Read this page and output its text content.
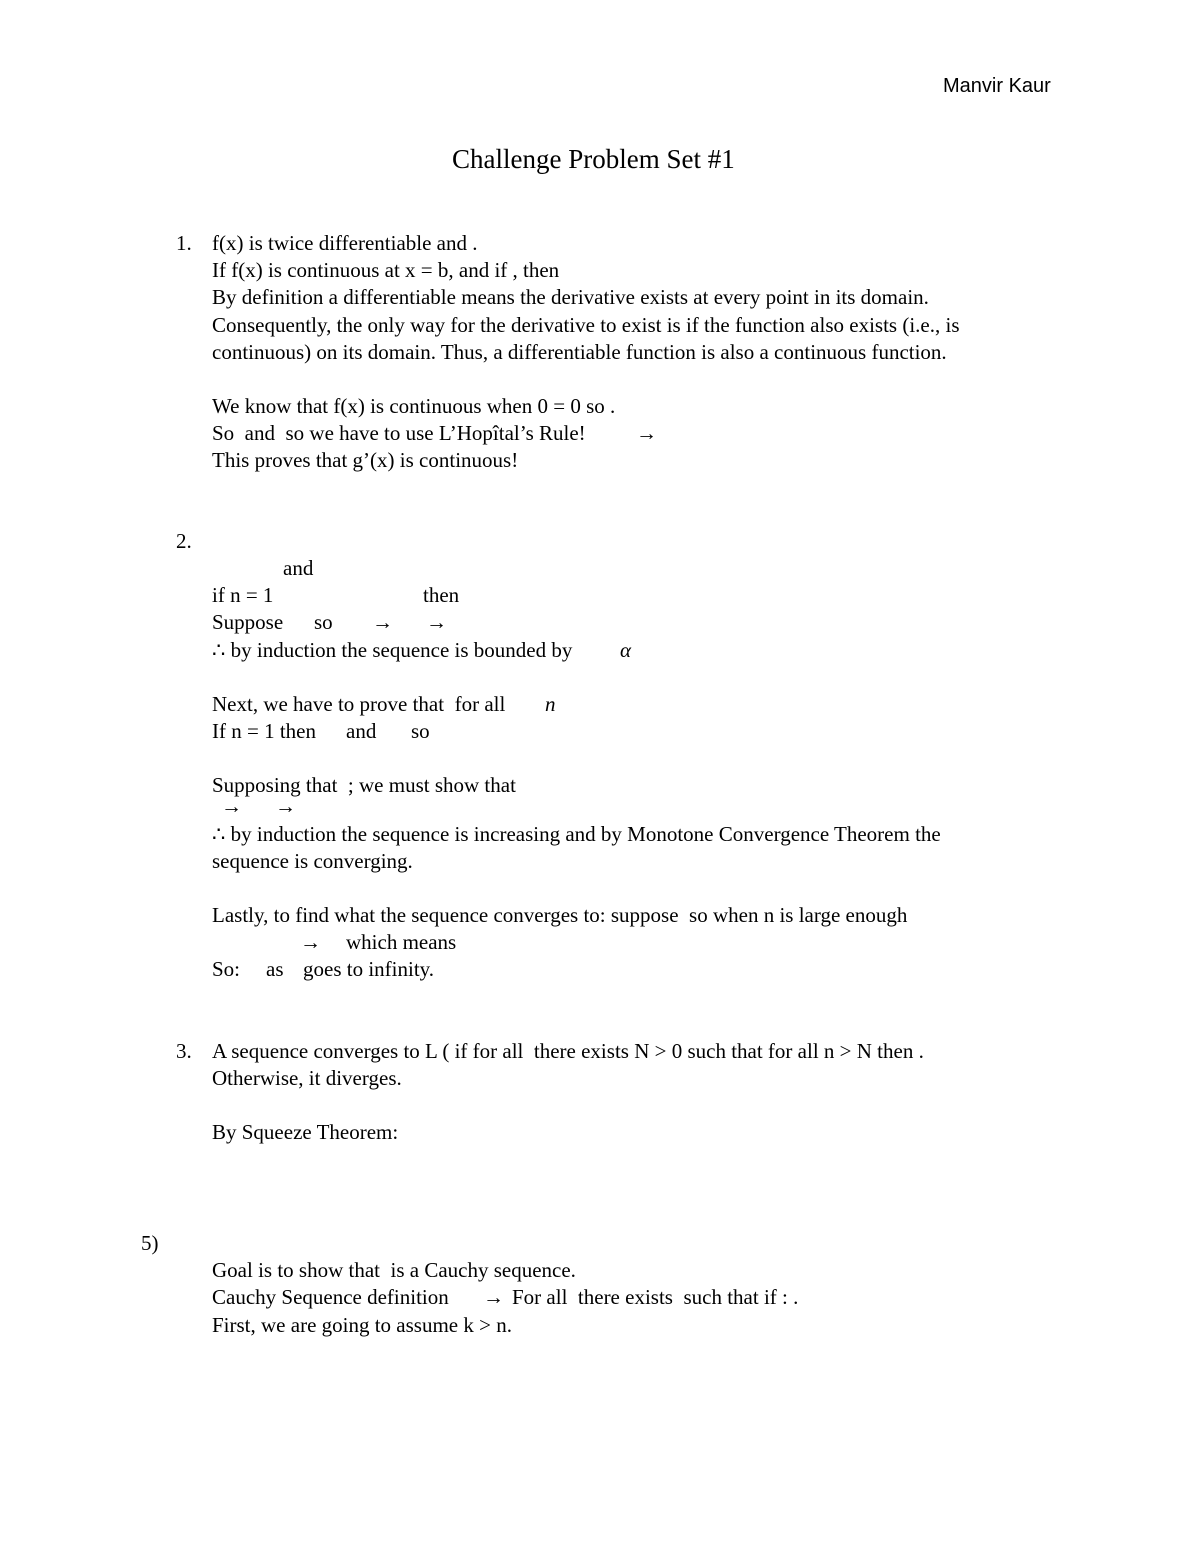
Manvir Kaur
Challenge Problem Set #1
1. f(x) is twice differentiable and .
If f(x) is continuous at x = b, and if , then
By definition a differentiable means the derivative exists at every point in its domain.
Consequently, the only way for the derivative to exist is if the function also exists (i.e., is
continuous) on its domain. Thus, a differentiable function is also a continuous function.
We know that f(x) is continuous when 0 = 0 so .
So  and  so we have to use L’Hopîtal’s Rule! →
This proves that g’(x) is continuous!
2.
and
if n = 1	then
Suppose so → →
∴ by induction the sequence is bounded by α
Next, we have to prove that  for all n
If n = 1 then and so
Supposing that  ; we must show that
→ →
∴ by induction the sequence is increasing and by Monotone Convergence Theorem the
sequence is converging.
Lastly, to find what the sequence converges to: suppose  so when n is large enough
→ which means
So: as goes to infinity.
3. A sequence converges to L ( if for all  there exists N > 0 such that for all n > N then .
Otherwise, it diverges.
By Squeeze Theorem:
5)
Goal is to show that  is a Cauchy sequence.
Cauchy Sequence definition → For all  there exists  such that if : .
First, we are going to assume k > n.
